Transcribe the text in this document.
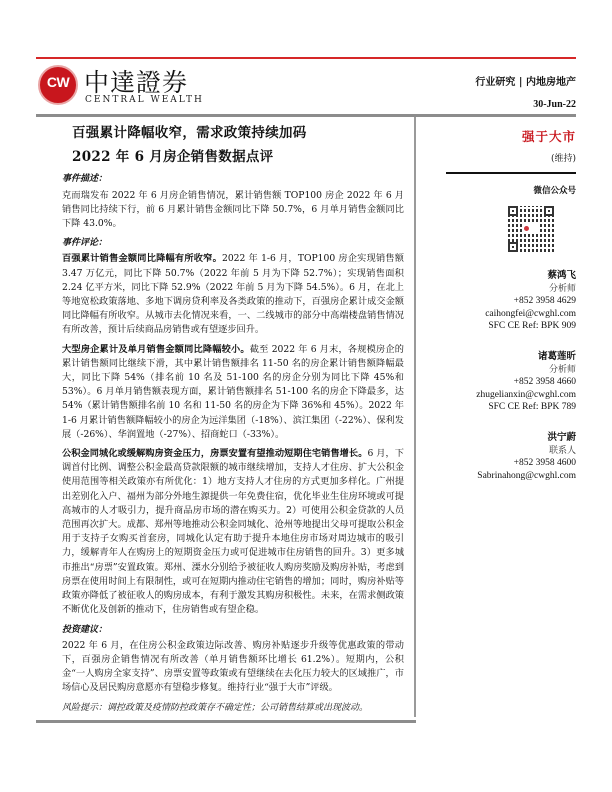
CW 中達證券
CENTRAL WEALTH
行业研究 | 内地房地产
30-Jun-22
百强累计降幅收窄，需求政策持续加码
2022 年 6 月房企销售数据点评
事件描述：
克而瑞发布 2022 年 6 月房企销售情况，累计销售额 TOP100 房企 2022 年 6 月销售同比持续下行，前 6 月累计销售金额同比下降 50.7%，6 月单月销售金额同比下降 43.0%。
事件评论：
百强累计销售金额同比降幅有所收窄。2022 年 1-6 月，TOP100 房企实现销售额 3.47 万亿元，同比下降 50.7%（2022 年前 5 月为下降 52.7%）；实现销售面积 2.24 亿平方米，同比下降 52.9%（2022 年前 5 月为下降 54.5%）。6 月，在北上等地宽松政策落地、多地下调房贷利率及各类政策的推动下，百强房企累计成交金额同比降幅有所收窄。从城市去化情况来看，一、二线城市的部分中高端楼盘销售情况有所改善，预计后续商品房销售或有望逐步回升。
大型房企累计及单月销售金额同比降幅较小。截至 2022 年 6 月末，各规模房企的累计销售额同比继续下滑，其中累计销售额排名 11-50 名的房企累计销售额降幅最大，同比下降 54%（排名前 10 名及 51-100 名的房企分别为同比下降 45%和 53%）。6 月单月销售额表现方面，累计销售额排名 51-100 名的房企下降最多，达 54%（累计销售额排名前 10 名和 11-50 名的房企为下降 36%和 45%）。2022 年 1-6 月累计销售额降幅较小的房企为远洋集团（-18%）、滨江集团（-22%）、保利发展（-26%）、华润置地（-27%）、招商蛇口（-33%）。
公积金同城化或缓解购房资金压力，房票安置有望推动短期住宅销售增长。6 月，下调首付比例、调整公积金最高贷款限额的城市继续增加，支持人才住房、扩大公积金使用范围等相关政策亦有所优化：1）地方支持人才住房的方式更加多样化。广州提出差别化入户、福州为部分外地生源提供一年免费住宿，优化毕业生住房环境或可提高城市的人才吸引力，提升商品房市场的潜在购买力。2）可使用公积金贷款的人员范围再次扩大。成都、郑州等地推动公积金同城化、沧州等地提出父母可提取公积金用于支持子女购买首套房，同城化认定有助于提升本地住房市场对周边城市的吸引力，缓解青年人在购房上的短期资金压力或可促进城市住房销售的回升。3）更多城市推出“房票”安置政策。郑州、溧水分别给予被征收人购房奖励及购房补贴，考虑到房票在使用时间上有限制性，或可在短期内推动住宅销售的增加；同时，购房补贴等政策亦降低了被征收人的购房成本，有利于激发其购房积极性。未来，在需求侧政策不断优化及创新的推动下，住房销售或有望企稳。
投资建议：
2022 年 6 月，在住房公积金政策边际改善、购房补贴逐步升级等优惠政策的带动下，百强房企销售情况有所改善（单月销售额环比增长 61.2%）。短期内，公积金“一人购房全家支持”、房票安置等政策或有望继续在去化压力较大的区域推广，市场信心及居民购房意愿亦有望稳步修复。维持行业“强于大市”评级。
风险提示：调控政策及疫情防控政策存不确定性；公司销售结算或出现波动。
强于大市
(维持)
微信公众号
蔡鸿飞
分析师
+852 3958 4629
caihongfei@cwghl.com
SFC CE Ref: BPK 909
诸葛莲昕
分析师
+852 3958 4660
zhugelianxin@cwghl.com
SFC CE Ref: BPK 789
洪宁蔚
联系人
+852 3958 4600
Sabrinahong@cwghl.com
